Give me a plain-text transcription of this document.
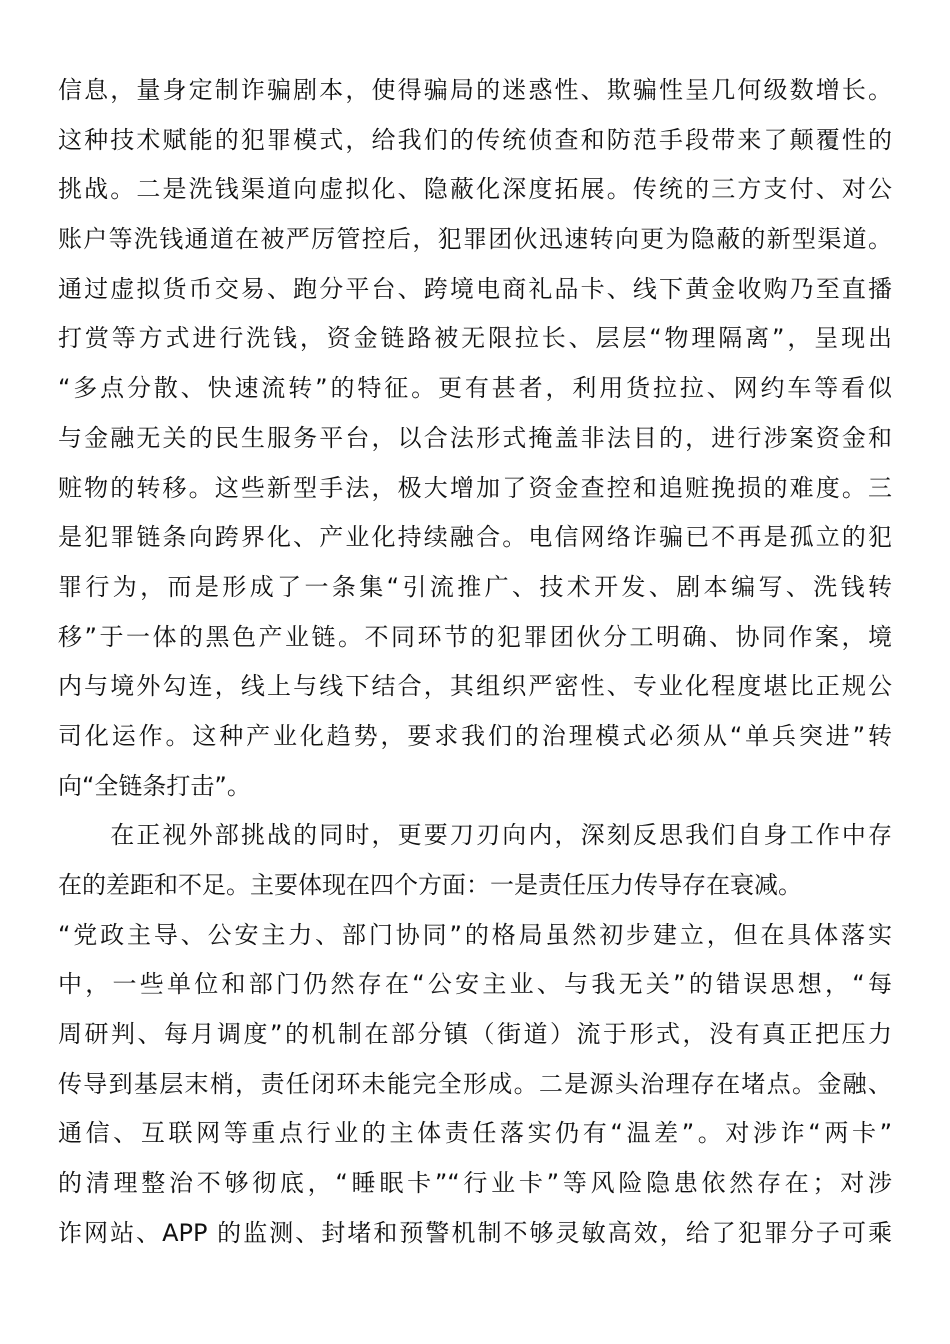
信息，量身定制诈骗剧本，使得骗局的迷惑性、欺骗性呈几何级数增长。
这种技术赋能的犯罪模式，给我们的传统侦查和防范手段带来了颠覆性的
挑战。二是洗钱渠道向虚拟化、隐蔽化深度拓展。传统的三方支付、对公
账户等洗钱通道在被严厉管控后，犯罪团伙迅速转向更为隐蔽的新型渠道。
通过虚拟货币交易、跑分平台、跨境电商礼品卡、线下黄金收购乃至直播
打赏等方式进行洗钱，资金链路被无限拉长、层层“物理隔离”，呈现出
“多点分散、快速流转”的特征。更有甚者，利用货拉拉、网约车等看似
与金融无关的民生服务平台，以合法形式掩盖非法目的，进行涉案资金和
赃物的转移。这些新型手法，极大增加了资金查控和追赃挽损的难度。三
是犯罪链条向跨界化、产业化持续融合。电信网络诈骗已不再是孤立的犯
罪行为，而是形成了一条集“引流推广、技术开发、剧本编写、洗钱转
移”于一体的黑色产业链。不同环节的犯罪团伙分工明确、协同作案，境
内与境外勾连，线上与线下结合，其组织严密性、专业化程度堪比正规公
司化运作。这种产业化趋势，要求我们的治理模式必须从“单兵突进”转
向“全链条打击”。
　　在正视外部挑战的同时，更要刀刃向内，深刻反思我们自身工作中存
在的差距和不足。主要体现在四个方面：一是责任压力传导存在衰减。
“党政主导、公安主力、部门协同”的格局虽然初步建立，但在具体落实
中，一些单位和部门仍然存在“公安主业、与我无关”的错误思想，“每
周研判、每月调度”的机制在部分镇（街道）流于形式，没有真正把压力
传导到基层末梢，责任闭环未能完全形成。二是源头治理存在堵点。金融、
通信、互联网等重点行业的主体责任落实仍有“温差”。对涉诈“两卡”
的清理整治不够彻底，“睡眠卡”“行业卡”等风险隐患依然存在；对涉
诈网站、APP 的监测、封堵和预警机制不够灵敏高效，给了犯罪分子可乘
